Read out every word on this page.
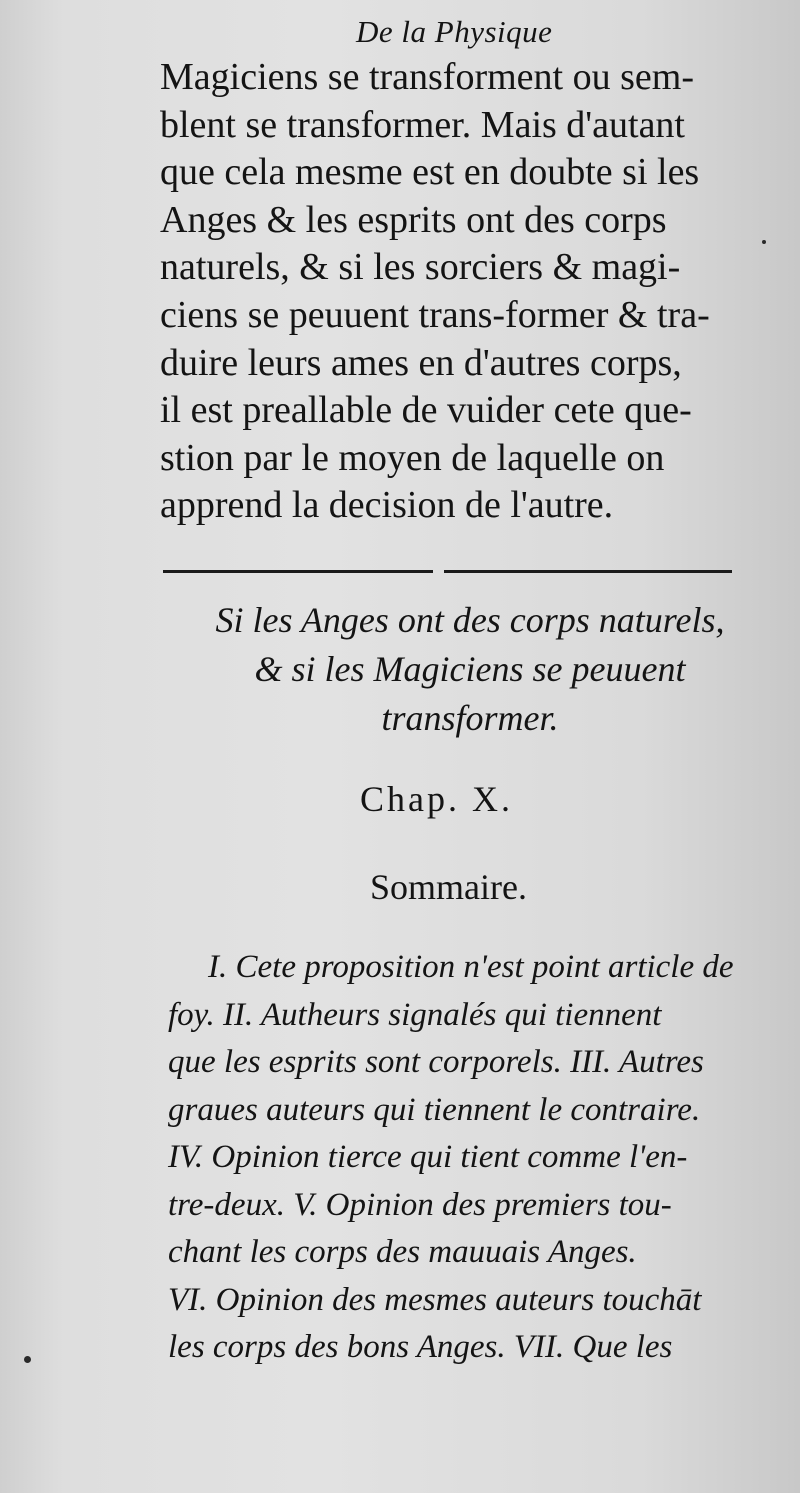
De la Physique
Magiciens se transforment ou sem-
blent se transformer. Mais d'autant
que cela mesme est en doubte si les
Anges & les esprits ont des corps
naturels, & si les sorciers & magi-
ciens se peuuent trans-former & tra-
duire leurs ames en d'autres corps,
il est preallable de vuider cete que-
stion par le moyen de laquelle on
apprend la decision de l'autre.
Si les Anges ont des corps naturels,
& si les Magiciens se peuuent
transformer.
Chap. X.
Sommaire.
I. Cete proposition n'est point article de
foy. II. Autheurs signalés qui tiennent
que les esprits sont corporels. III. Autres
graues auteurs qui tiennent le contraire.
IV. Opinion tierce qui tient comme l'en-
tre-deux. V. Opinion des premiers tou-
chant les corps des mauuais Anges.
VI. Opinion des mesmes auteurs touchāt
les corps des bons Anges. VII. Que les
